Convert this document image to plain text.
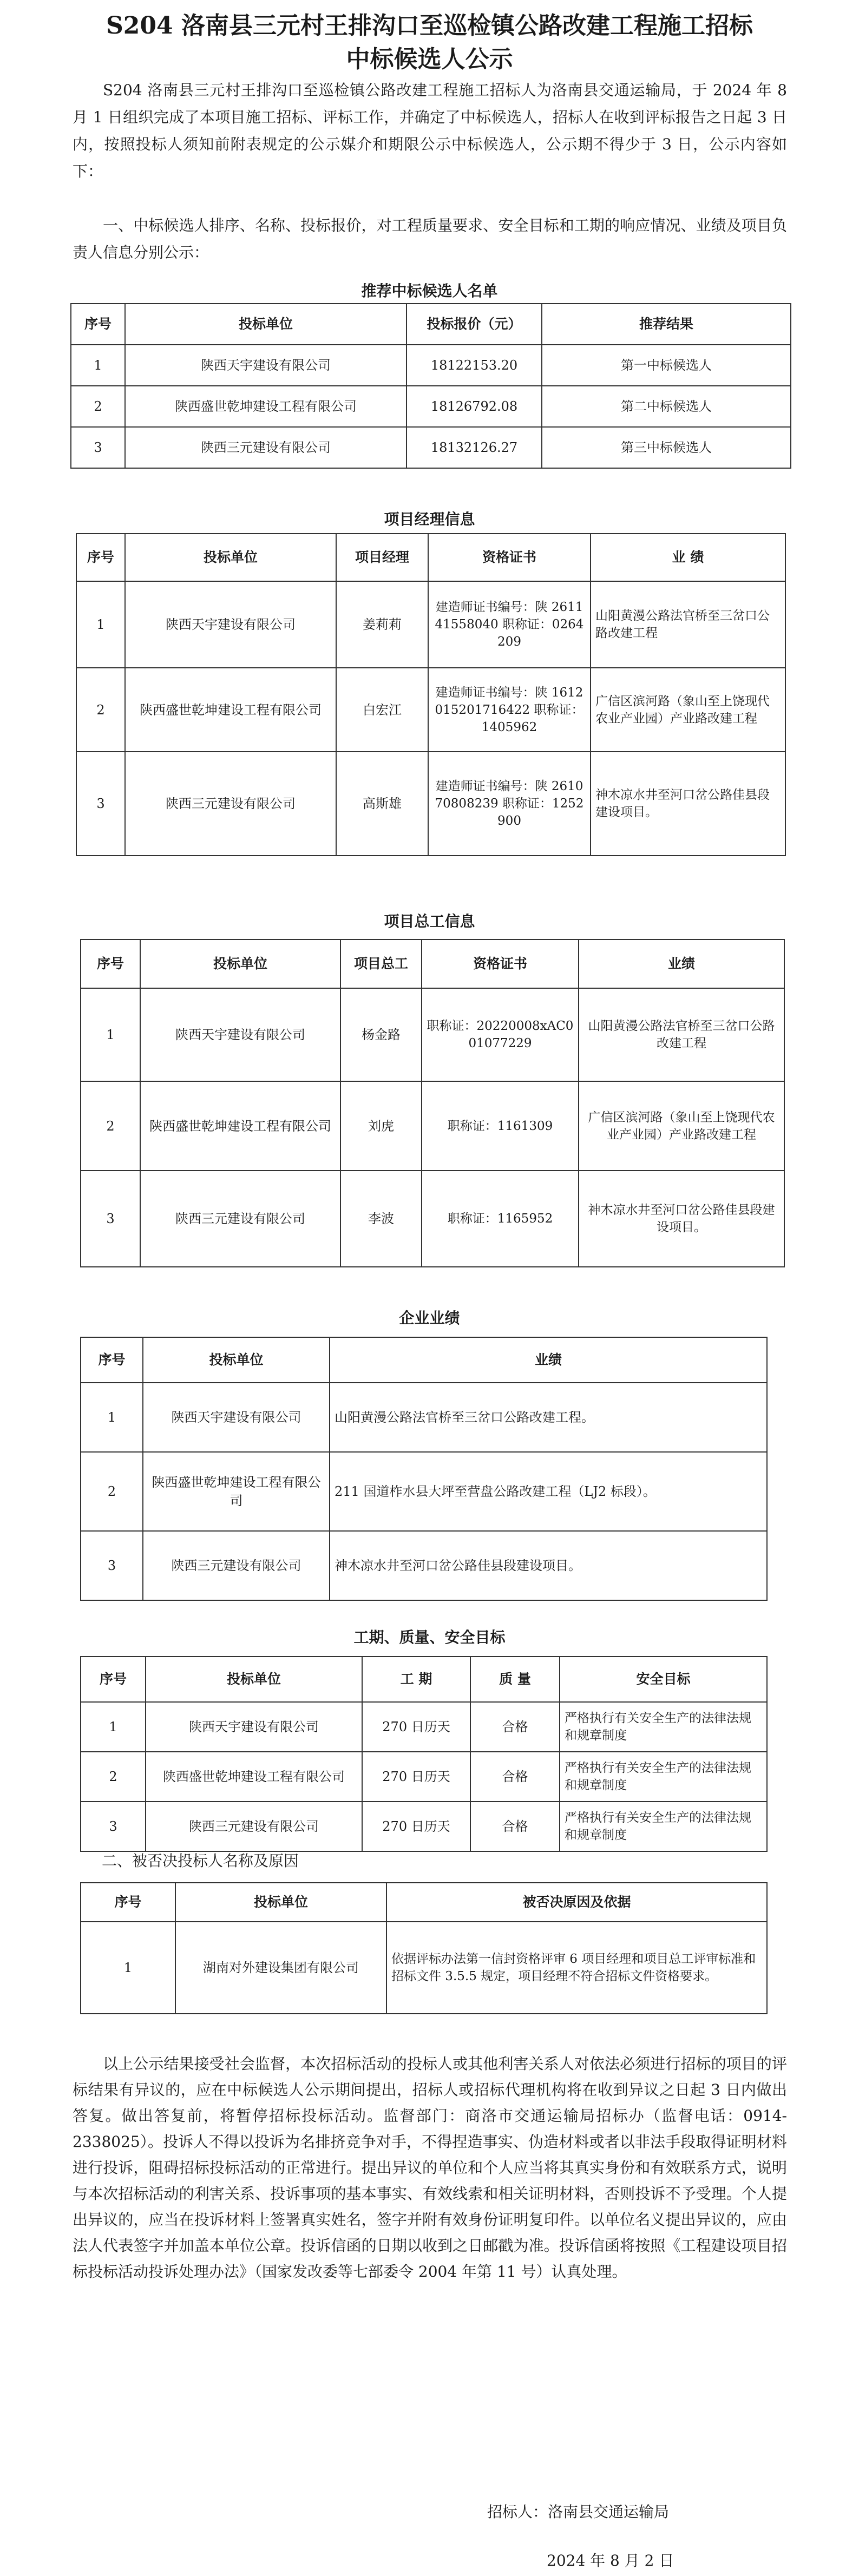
S204 洛南县三元村王排沟口至巡检镇公路改建工程施工招标
中标候选人公示
S204 洛南县三元村王排沟口至巡检镇公路改建工程施工招标人为洛南县交通运输局，于 2024 年 8 月 1 日组织完成了本项目施工招标、评标工作，并确定了中标候选人，招标人在收到评标报告之日起 3 日内，按照投标人须知前附表规定的公示媒介和期限公示中标候选人，公示期不得少于 3 日，公示内容如下：
一、中标候选人排序、名称、投标报价，对工程质量要求、安全目标和工期的响应情况、业绩及项目负责人信息分别公示：
推荐中标候选人名单
序号	投标单位	投标报价（元）	推荐结果
1	陕西天宇建设有限公司	18122153.20	第一中标候选人
2	陕西盛世乾坤建设工程有限公司	18126792.08	第二中标候选人
3	陕西三元建设有限公司	18132126.27	第三中标候选人
项目经理信息
序号	投标单位	项目经理	资格证书	业 绩
1	陕西天宇建设有限公司	姜莉莉	建造师证书编号：陕 261141558040 职称证：0264209	山阳黄漫公路法官桥至三岔口公路改建工程
2	陕西盛世乾坤建设工程有限公司	白宏江	建造师证书编号：陕 1612015201716422 职称证：1405962	广信区滨河路（象山至上饶现代农业产业园）产业路改建工程
3	陕西三元建设有限公司	高斯雄	建造师证书编号：陕 261070808239 职称证：1252900	神木凉水井至河口岔公路佳县段建设项目。
项目总工信息
序号	投标单位	项目总工	资格证书	业绩
1	陕西天宇建设有限公司	杨金路	职称证：20220008xAC001077229	山阳黄漫公路法官桥至三岔口公路改建工程
2	陕西盛世乾坤建设工程有限公司	刘虎	职称证：1161309	广信区滨河路（象山至上饶现代农业产业园）产业路改建工程
3	陕西三元建设有限公司	李波	职称证：1165952	神木凉水井至河口岔公路佳县段建设项目。
企业业绩
序号	投标单位	业绩
1	陕西天宇建设有限公司	山阳黄漫公路法官桥至三岔口公路改建工程。
2	陕西盛世乾坤建设工程有限公司	211 国道柞水县大坪至营盘公路改建工程（LJ2 标段）。
3	陕西三元建设有限公司	神木凉水井至河口岔公路佳县段建设项目。
工期、质量、安全目标
序号	投标单位	工 期	质 量	安全目标
1	陕西天宇建设有限公司	270 日历天	合格	严格执行有关安全生产的法律法规和规章制度
2	陕西盛世乾坤建设工程有限公司	270 日历天	合格	严格执行有关安全生产的法律法规和规章制度
3	陕西三元建设有限公司	270 日历天	合格	严格执行有关安全生产的法律法规和规章制度
二、被否决投标人名称及原因
序号	投标单位	被否决原因及依据
1	湖南对外建设集团有限公司	依据评标办法第一信封资格评审 6 项目经理和项目总工评审标准和招标文件 3.5.5 规定，项目经理不符合招标文件资格要求。
以上公示结果接受社会监督，本次招标活动的投标人或其他利害关系人对依法必须进行招标的项目的评标结果有异议的，应在中标候选人公示期间提出，招标人或招标代理机构将在收到异议之日起 3 日内做出答复。做出答复前，将暂停招标投标活动。监督部门：商洛市交通运输局招标办（监督电话：0914-2338025）。投诉人不得以投诉为名排挤竞争对手，不得捏造事实、伪造材料或者以非法手段取得证明材料进行投诉，阻碍招标投标活动的正常进行。提出异议的单位和个人应当将其真实身份和有效联系方式，说明与本次招标活动的利害关系、投诉事项的基本事实、有效线索和相关证明材料，否则投诉不予受理。个人提出异议的，应当在投诉材料上签署真实姓名，签字并附有效身份证明复印件。以单位名义提出异议的，应由法人代表签字并加盖本单位公章。投诉信函的日期以收到之日邮戳为准。投诉信函将按照《工程建设项目招标投标活动投诉处理办法》（国家发改委等七部委令 2004 年第 11 号）认真处理。
招标人：洛南县交通运输局
2024 年 8 月 2 日
